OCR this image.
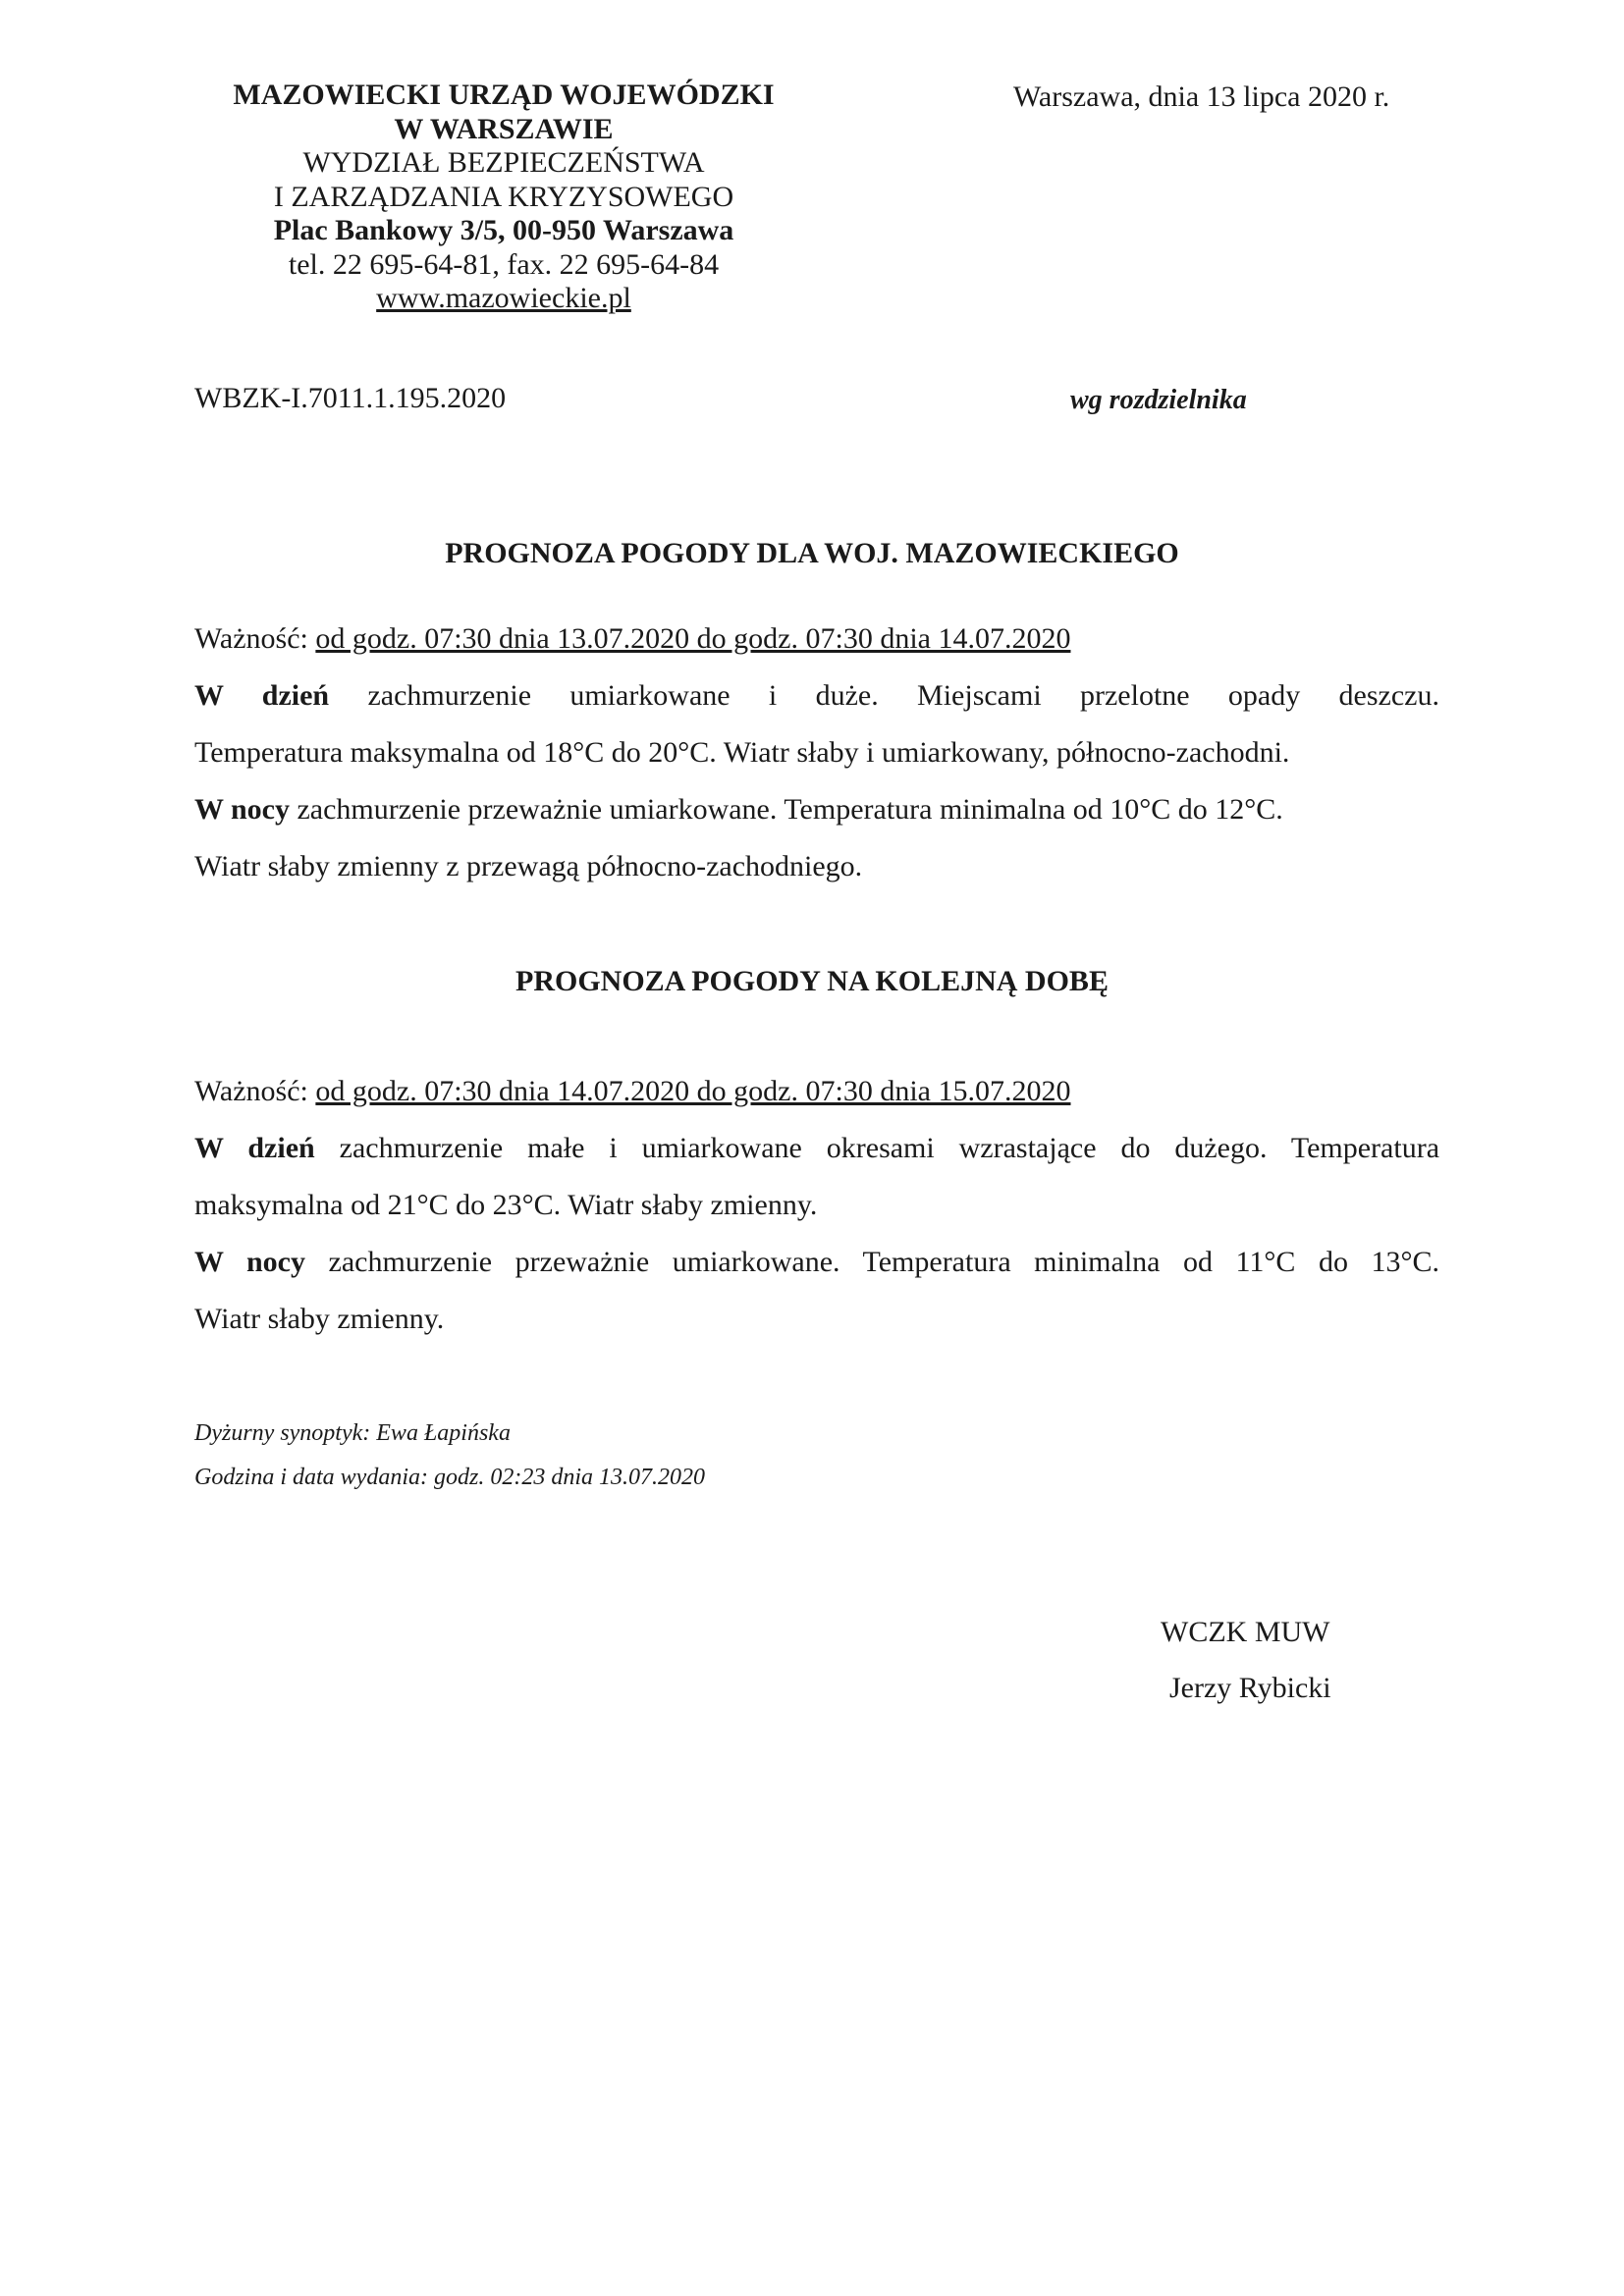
MAZOWIECKI URZĄD WOJEWÓDZKI
W WARSZAWIE
WYDZIAŁ BEZPIECZEŃSTWA
I ZARZĄDZANIA KRYZYSOWEGO
Plac Bankowy 3/5, 00-950 Warszawa
tel. 22 695-64-81, fax. 22 695-64-84
www.mazowieckie.pl
Warszawa, dnia 13 lipca 2020 r.
WBZK-I.7011.1.195.2020	wg rozdzielnika
PROGNOZA POGODY DLA WOJ. MAZOWIECKIEGO
Ważność: od godz. 07:30 dnia 13.07.2020 do godz. 07:30 dnia 14.07.2020
W dzień zachmurzenie umiarkowane i duże. Miejscami przelotne opady deszczu.
Temperatura maksymalna od 18°C do 20°C. Wiatr słaby i umiarkowany, północno-zachodni.
W nocy zachmurzenie przeważnie umiarkowane. Temperatura minimalna od 10°C do 12°C.
Wiatr słaby zmienny z przewagą północno-zachodniego.
PROGNOZA POGODY NA KOLEJNĄ DOBĘ
Ważność: od godz. 07:30 dnia 14.07.2020 do godz. 07:30 dnia 15.07.2020
W dzień zachmurzenie małe i umiarkowane okresami wzrastające do dużego. Temperatura
maksymalna od 21°C do 23°C. Wiatr słaby zmienny.
W nocy zachmurzenie przeważnie umiarkowane. Temperatura minimalna od 11°C do 13°C.
Wiatr słaby zmienny.
Dyżurny synoptyk: Ewa Łapińska
Godzina i data wydania: godz. 02:23 dnia 13.07.2020
WCZK MUW
Jerzy Rybicki
